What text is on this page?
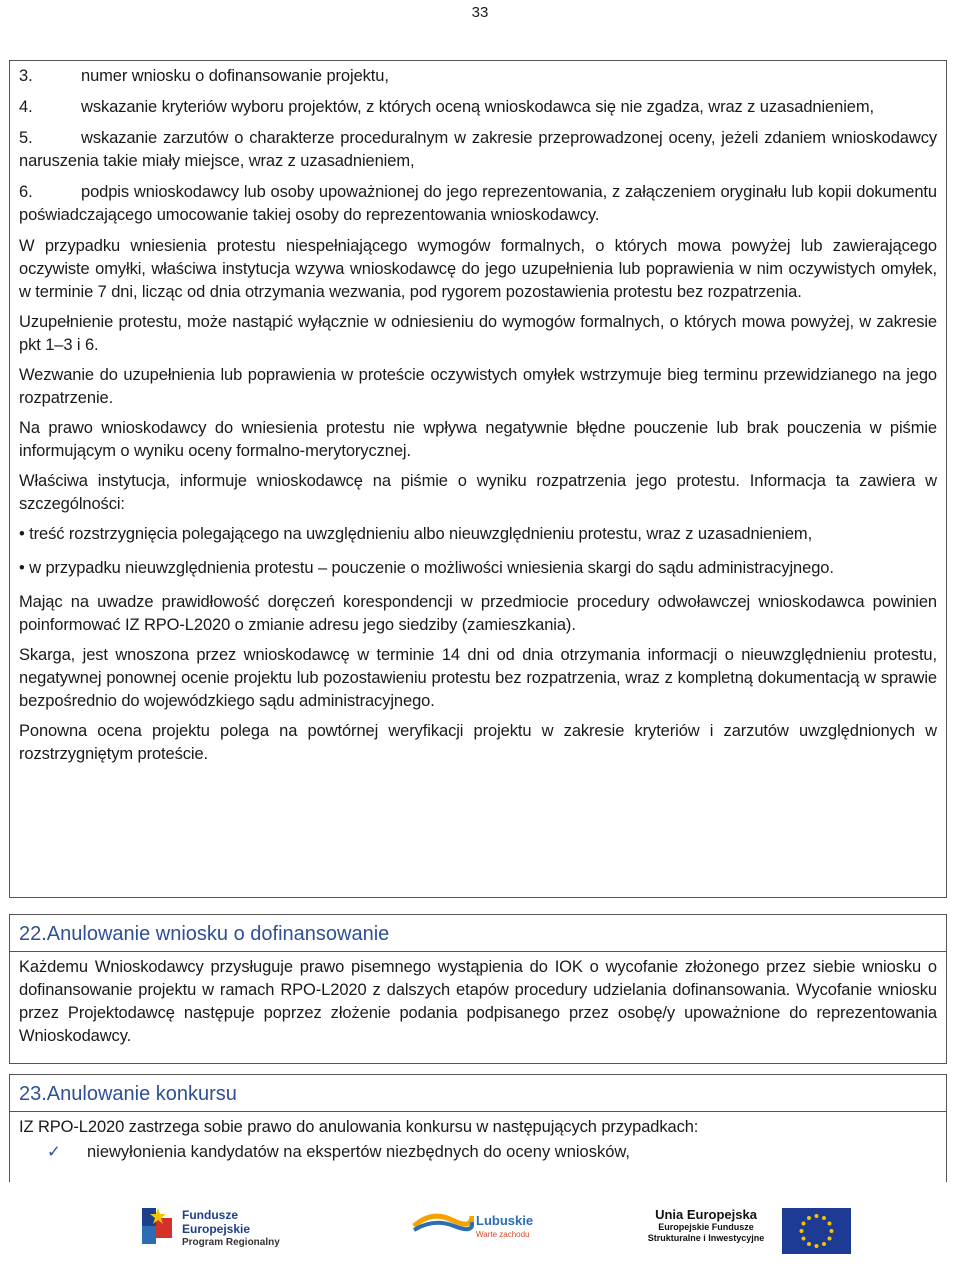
33

3.	numer wniosku o dofinansowanie projektu,

4.	wskazanie kryteriów wyboru projektów, z których oceną wnioskodawca się nie zgadza, wraz z uzasadnieniem,

5.	wskazanie zarzutów o charakterze proceduralnym w zakresie przeprowadzonej oceny, jeżeli zdaniem wnioskodawcy naruszenia takie miały miejsce, wraz z uzasadnieniem,

6.	podpis wnioskodawcy lub osoby upoważnionej do jego reprezentowania, z załączeniem oryginału lub kopii dokumentu poświadczającego umocowanie takiej osoby do reprezentowania wnioskodawcy.

W przypadku wniesienia protestu niespełniającego wymogów formalnych, o których mowa powyżej lub zawierającego oczywiste omyłki, właściwa instytucja wzywa wnioskodawcę do jego uzupełnienia lub poprawienia w nim oczywistych omyłek, w terminie 7 dni, licząc od dnia otrzymania wezwania, pod rygorem pozostawienia protestu bez rozpatrzenia.

Uzupełnienie protestu, może nastąpić wyłącznie w odniesieniu do wymogów formalnych, o których mowa powyżej, w zakresie pkt 1–3 i 6.

Wezwanie do uzupełnienia lub poprawienia w proteście oczywistych omyłek wstrzymuje bieg terminu przewidzianego na jego rozpatrzenie.

Na prawo wnioskodawcy do wniesienia protestu nie wpływa negatywnie błędne pouczenie lub brak pouczenia w piśmie informującym o wyniku oceny formalno-merytorycznej.

Właściwa instytucja, informuje wnioskodawcę na piśmie o wyniku rozpatrzenia jego protestu. Informacja ta zawiera w szczególności:

• treść rozstrzygnięcia polegającego na uwzględnieniu albo nieuwzględnieniu protestu, wraz z uzasadnieniem,

• w przypadku nieuwzględnienia protestu – pouczenie o możliwości wniesienia skargi do sądu administracyjnego.

Mając na uwadze prawidłowość doręczeń korespondencji w przedmiocie procedury odwoławczej wnioskodawca powinien poinformować IZ RPO-L2020 o zmianie adresu jego siedziby (zamieszkania).

Skarga, jest wnoszona przez wnioskodawcę w terminie 14 dni od dnia otrzymania informacji o nieuwzględnieniu protestu, negatywnej ponownej ocenie projektu lub pozostawieniu protestu bez rozpatrzenia, wraz z kompletną dokumentacją w sprawie bezpośrednio do wojewódzkiego sądu administracyjnego.

Ponowna ocena projektu polega na powtórnej weryfikacji projektu w zakresie kryteriów i zarzutów uwzględnionych w rozstrzygniętym proteście.

22.Anulowanie wniosku o dofinansowanie

Każdemu Wnioskodawcy przysługuje prawo pisemnego wystąpienia do IOK o wycofanie złożonego przez siebie wniosku o dofinansowanie projektu w ramach RPO-L2020 z dalszych etapów procedury udzielania dofinansowania. Wycofanie wniosku przez Projektodawcę następuje poprzez złożenie podania podpisanego przez osobę/y upoważnione do reprezentowania Wnioskodawcy.

23.Anulowanie konkursu

IZ RPO-L2020 zastrzega sobie prawo do anulowania konkursu w następujących przypadkach:

✓ niewyłonienia kandydatów na ekspertów niezbędnych do oceny wniosków,
Fundusze
Europejskie
Program Regionalny
Lubuskie
Warte zachodu
Unia Europejska
Europejskie Fundusze
Strukturalne i Inwestycyjne
